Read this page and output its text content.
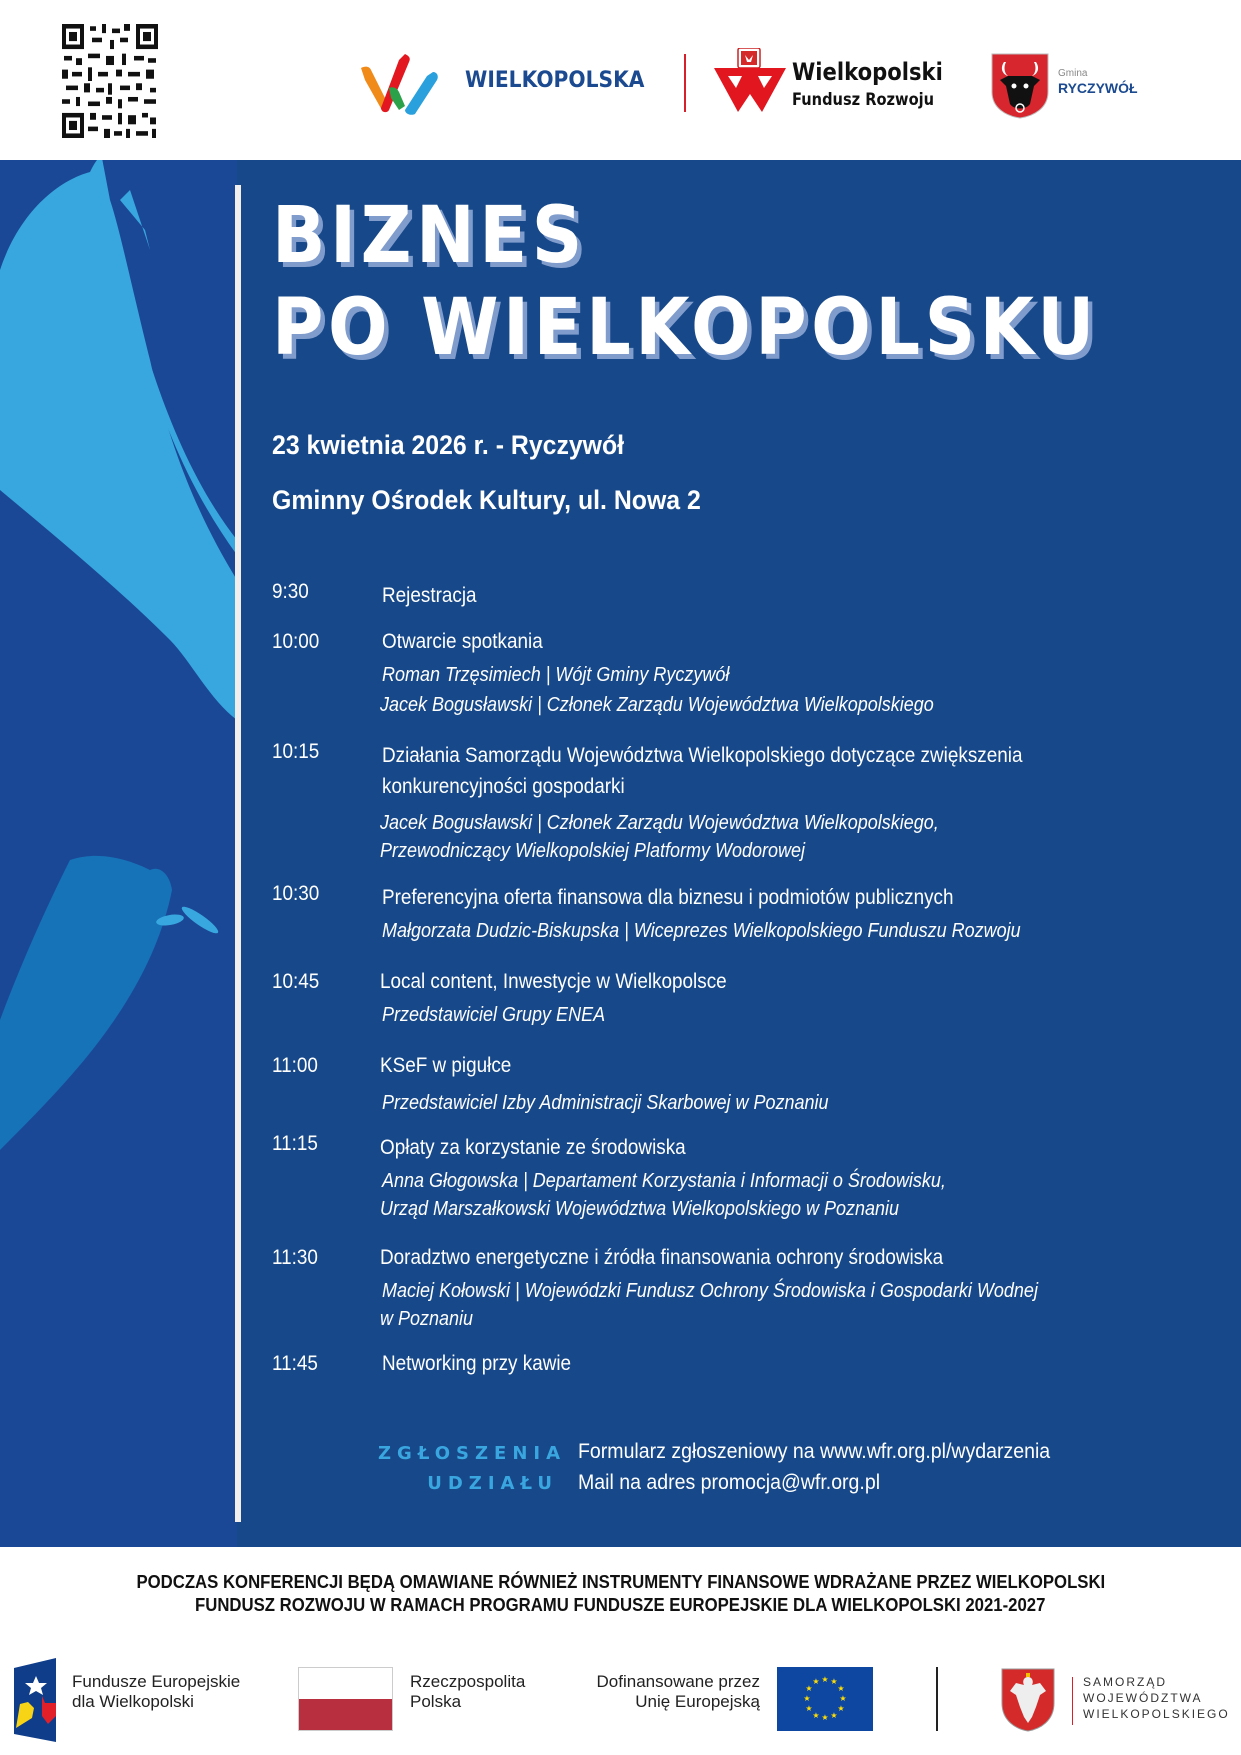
WIELKOPOLSKA	Wielkopolski
Fundusz Rozwoju
Gmina
RYCZYWÓŁ
BIZNES
PO WIELKOPOLSKU
23 kwietnia 2026 r. - Ryczywół
Gminny Ośrodek Kultury, ul. Nowa 2
9:30	Rejestracja
10:00	Otwarcie spotkania
Roman Trzęsimiech | Wójt Gminy Ryczywół
Jacek Bogusławski | Członek Zarządu Województwa Wielkopolskiego
10:15	Działania Samorządu Województwa Wielkopolskiego dotyczące zwiększenia
konkurencyjności gospodarki
Jacek Bogusławski | Członek Zarządu Województwa Wielkopolskiego,
Przewodniczący Wielkopolskiej Platformy Wodorowej
10:30	Preferencyjna oferta finansowa dla biznesu i podmiotów publicznych
Małgorzata Dudzic-Biskupska | Wiceprezes Wielkopolskiego Funduszu Rozwoju
10:45	Local content, Inwestycje w Wielkopolsce
Przedstawiciel Grupy ENEA
11:00	KSeF w pigułce
Przedstawiciel Izby Administracji Skarbowej w Poznaniu
11:15	Opłaty za korzystanie ze środowiska
Anna Głogowska | Departament Korzystania i Informacji o Środowisku,
Urząd Marszałkowski Województwa Wielkopolskiego w Poznaniu
11:30	Doradztwo energetyczne i źródła finansowania ochrony środowiska
Maciej Kołowski | Wojewódzki Fundusz Ochrony Środowiska i Gospodarki Wodnej
w Poznaniu
11:45	Networking przy kawie
ZGŁOSZENIA
UDZIAŁU
Formularz zgłoszeniowy na www.wfr.org.pl/wydarzenia
Mail na adres promocja@wfr.org.pl
PODCZAS KONFERENCJI BĘDĄ OMAWIANE RÓWNIEŻ INSTRUMENTY FINANSOWE WDRAŻANE PRZEZ WIELKOPOLSKI
FUNDUSZ ROZWOJU W RAMACH PROGRAMU FUNDUSZE EUROPEJSKIE DLA WIELKOPOLSKI 2021-2027
Fundusze Europejskie
dla Wielkopolski
Rzeczpospolita
Polska
Dofinansowane przez
Unię Europejską
★ ★
★
★
★
★
★
★
★
★
★
★	SAMORZĄD
WOJEWÓDZTWA
WIELKOPOLSKIEGO
